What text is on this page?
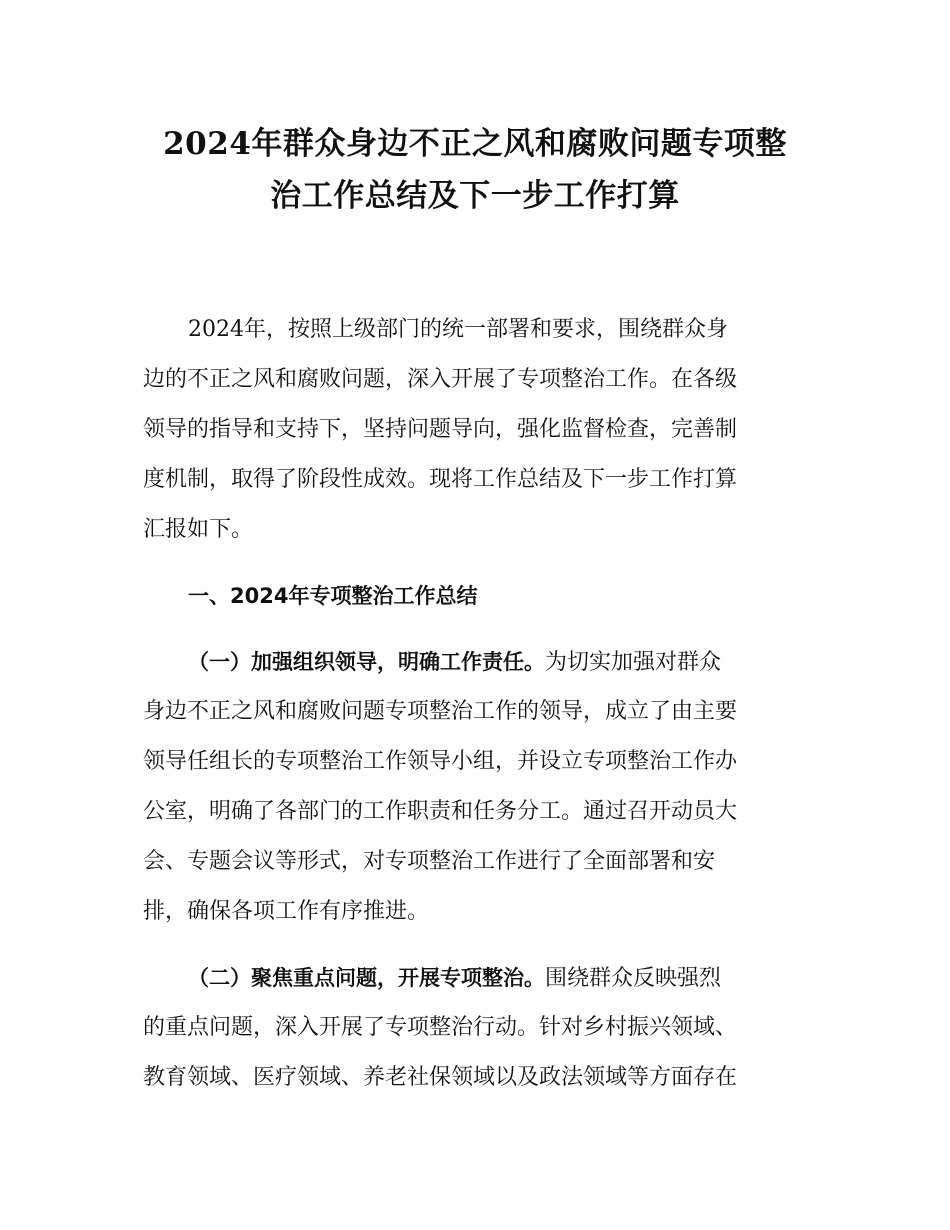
2024年群众身边不正之风和腐败问题专项整
治工作总结及下一步工作打算
2024年，按照上级部门的统一部署和要求，围绕群众身
边的不正之风和腐败问题，深入开展了专项整治工作。在各级
领导的指导和支持下，坚持问题导向，强化监督检查，完善制
度机制，取得了阶段性成效。现将工作总结及下一步工作打算
汇报如下。
一、2024年专项整治工作总结
（一）加强组织领导，明确工作责任。为切实加强对群众
身边不正之风和腐败问题专项整治工作的领导，成立了由主要
领导任组长的专项整治工作领导小组，并设立专项整治工作办
公室，明确了各部门的工作职责和任务分工。通过召开动员大
会、专题会议等形式，对专项整治工作进行了全面部署和安
排，确保各项工作有序推进。
（二）聚焦重点问题，开展专项整治。围绕群众反映强烈
的重点问题，深入开展了专项整治行动。针对乡村振兴领域、
教育领域、医疗领域、养老社保领域以及政法领域等方面存在
